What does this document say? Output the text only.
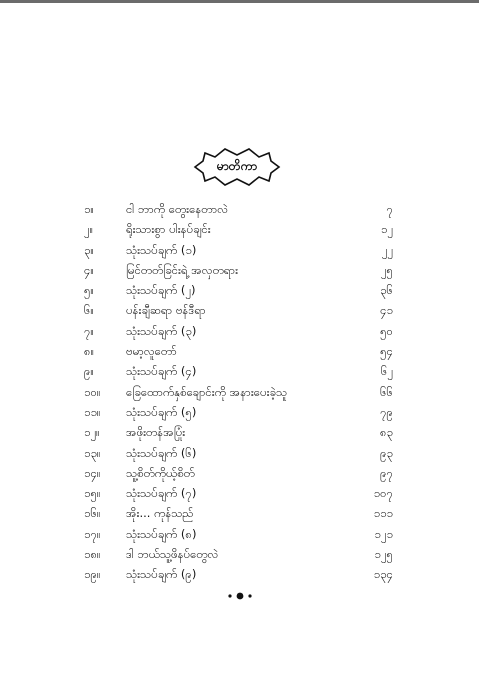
မာတိကာ
၁။	ငါ ဘာကို တွေးနေတာလဲ	၇
၂။	ရိုးသားစွာ ပါးနပ်ချင်း	၁၂
၃။	သုံးသပ်ချက် (၁)	၂၂
၄။	မြင်တတ်ခြင်းရဲ့ အလှတရား	၂၅
၅။	သုံးသပ်ချက် (၂)	၃၆
၆။	ပန်းချီဆရာ ဗန်ဒီရာ	၄၁
၇။	သုံးသပ်ချက် (၃)	၅၀
၈။	ဗမာ့လူတော်	၅၄
၉။	သုံးသပ်ချက် (၄)	၆၂
၁၀။	ခြေထောက်နှစ်ချောင်းကို အနားပေးခဲ့သူ	၆၆
၁၁။	သုံးသပ်ချက် (၅)	၇၉
၁၂။	အဖိုးတန်အပြုံး	၈၃
၁၃။	သုံးသပ်ချက် (၆)	၉၃
၁၄။	သူ့စိတ်ကိုယ့်စိတ်	၉၇
၁၅။	သုံးသပ်ချက် (၇)	၁၀၇
၁၆။	အိုး... ကုန်သည်	၁၁၁
၁၇။	သုံးသပ်ချက် (၈)	၁၂၁
၁၈။	ဒါ ဘယ်သူ့ဖိနပ်တွေလဲ	၁၂၅
၁၉။	သုံးသပ်ချက် (၉)	၁၃၄
